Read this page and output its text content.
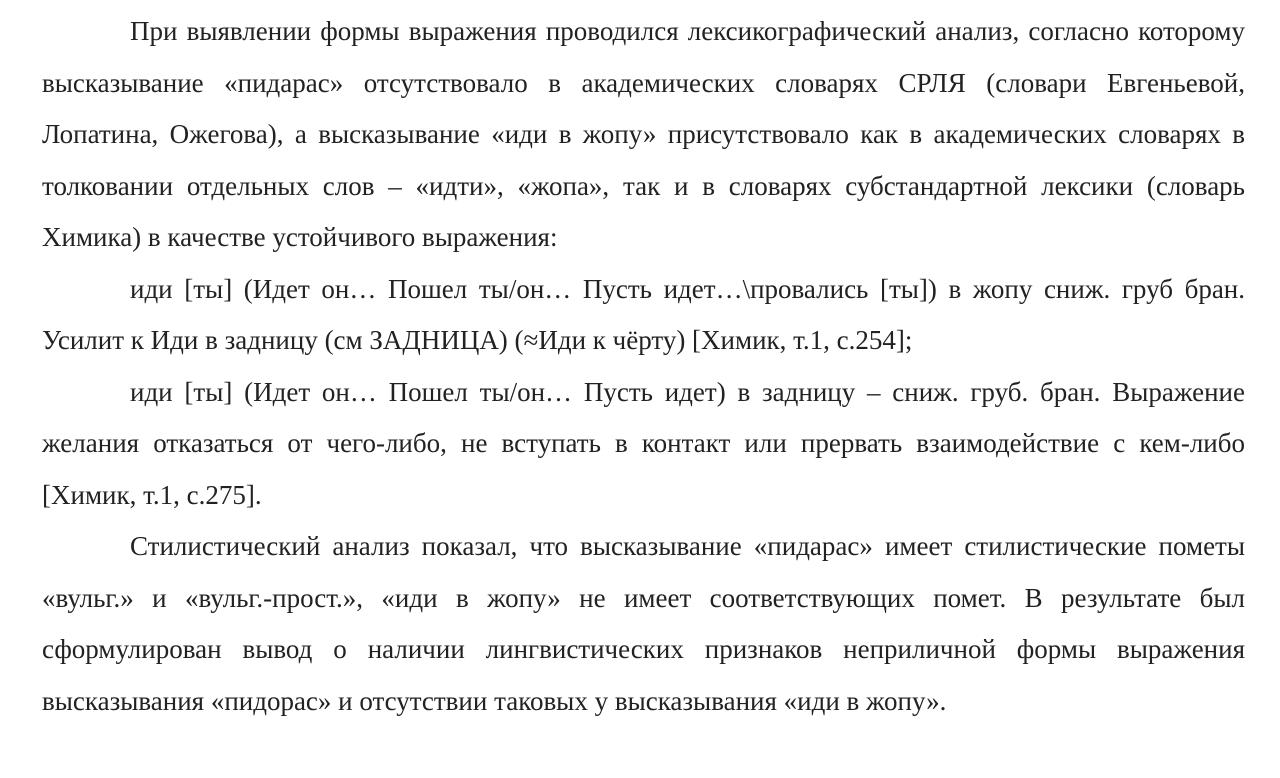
При выявлении формы выражения проводился лексикографический анализ, согласно которому высказывание «пидарас» отсутствовало в академических словарях СРЛЯ (словари Евгеньевой, Лопатина, Ожегова), а высказывание «иди в жопу» присутствовало как в академических словарях в толковании отдельных слов – «идти», «жопа», так и в словарях субстандартной лексики (словарь Химика) в качестве устойчивого выражения:

иди [ты] (Идет он… Пошел ты/он… Пусть идет…\провались [ты]) в жопу сниж. груб бран. Усилит к Иди в задницу (см ЗАДНИЦА) (≈Иди к чёрту) [Химик, т.1, с.254];

иди [ты] (Идет он… Пошел ты/он… Пусть идет) в задницу – сниж. груб. бран. Выражение желания отказаться от чего-либо, не вступать в контакт или прервать взаимодействие с кем-либо [Химик, т.1, с.275].

Стилистический анализ показал, что высказывание «пидарас» имеет стилистические пометы «вульг.» и «вульг.-прост.», «иди в жопу» не имеет соответствующих помет. В результате был сформулирован вывод о наличии лингвистических признаков неприличной формы выражения высказывания «пидорас» и отсутствии таковых у высказывания «иди в жопу».
